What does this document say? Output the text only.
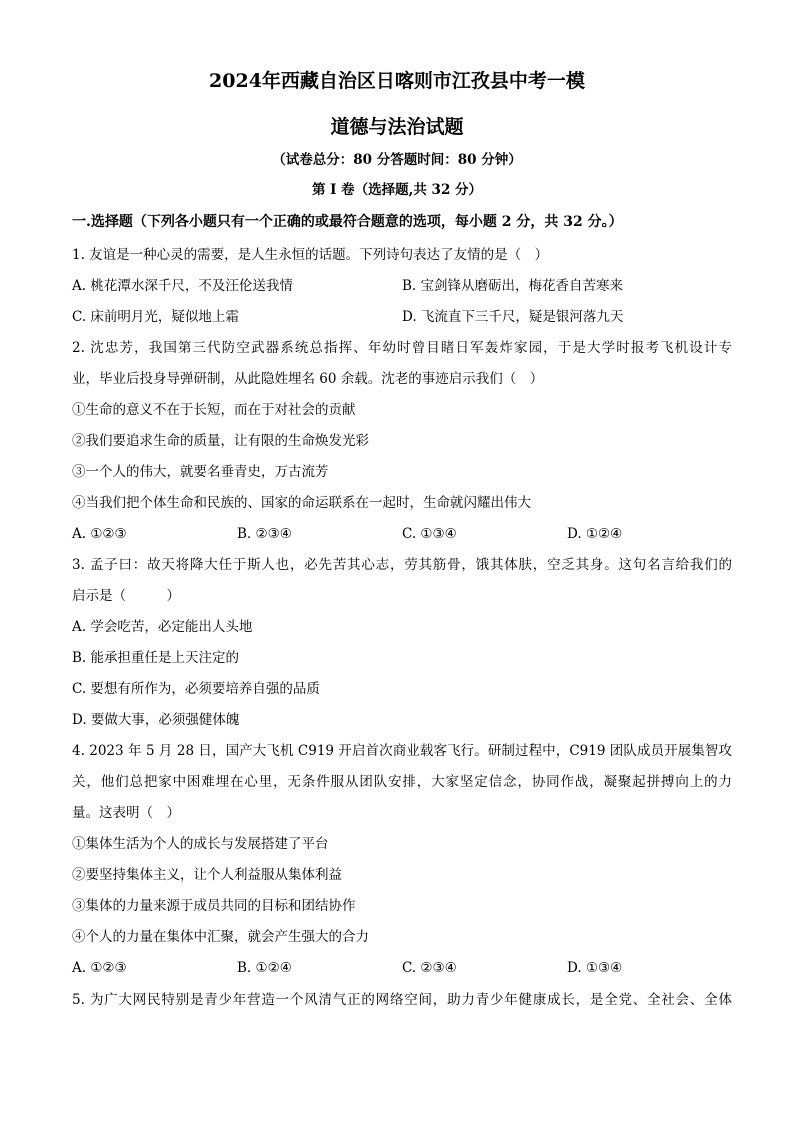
2024年西藏自治区日喀则市江孜县中考一模
道德与法治试题
（试卷总分：80 分答题时间：80 分钟）
第 I 卷（选择题,共 32 分）
一.选择题（下列各小题只有一个正确的或最符合题意的选项，每小题 2 分，共 32 分。）
1. 友谊是一种心灵的需要，是人生永恒的话题。下列诗句表达了友情的是（　）
A. 桃花潭水深千尺，不及汪伦送我情	B. 宝剑锋从磨砺出，梅花香自苦寒来
C. 床前明月光，疑似地上霜	D. 飞流直下三千尺，疑是银河落九天
2. 沈忠芳，我国第三代防空武器系统总指挥、年幼时曾目睹日军轰炸家园，于是大学时报考飞机设计专
业，毕业后投身导弹研制，从此隐姓埋名 60 余载。沈老的事迹启示我们（　）
①生命的意义不在于长短，而在于对社会的贡献
②我们要追求生命的质量，让有限的生命焕发光彩
③一个人的伟大，就要名垂青史，万古流芳
④当我们把个体生命和民族的、国家的命运联系在一起时，生命就闪耀出伟大
A. ①②③	B. ②③④	C. ①③④	D. ①②④
3. 孟子曰：故天将降大任于斯人也，必先苦其心志，劳其筋骨，饿其体肤，空乏其身。这句名言给我们的
启示是（　　　）
A. 学会吃苦，必定能出人头地
B. 能承担重任是上天注定的
C. 要想有所作为，必须要培养自强的品质
D. 要做大事，必须强健体魄
4. 2023 年 5 月 28 日，国产大飞机 C919 开启首次商业载客飞行。研制过程中，C919 团队成员开展集智攻
关，他们总把家中困难埋在心里，无条件服从团队安排，大家坚定信念，协同作战，凝聚起拼搏向上的力
量。这表明（　）
①集体生活为个人的成长与发展搭建了平台
②要坚持集体主义，让个人利益服从集体利益
③集体的力量来源于成员共同的目标和团结协作
④个人的力量在集体中汇聚，就会产生强大的合力
A. ①②③	B. ①②④	C. ②③④	D. ①③④
5. 为广大网民特别是青少年营造一个风清气正的网络空间，助力青少年健康成长，是全党、全社会、全体
